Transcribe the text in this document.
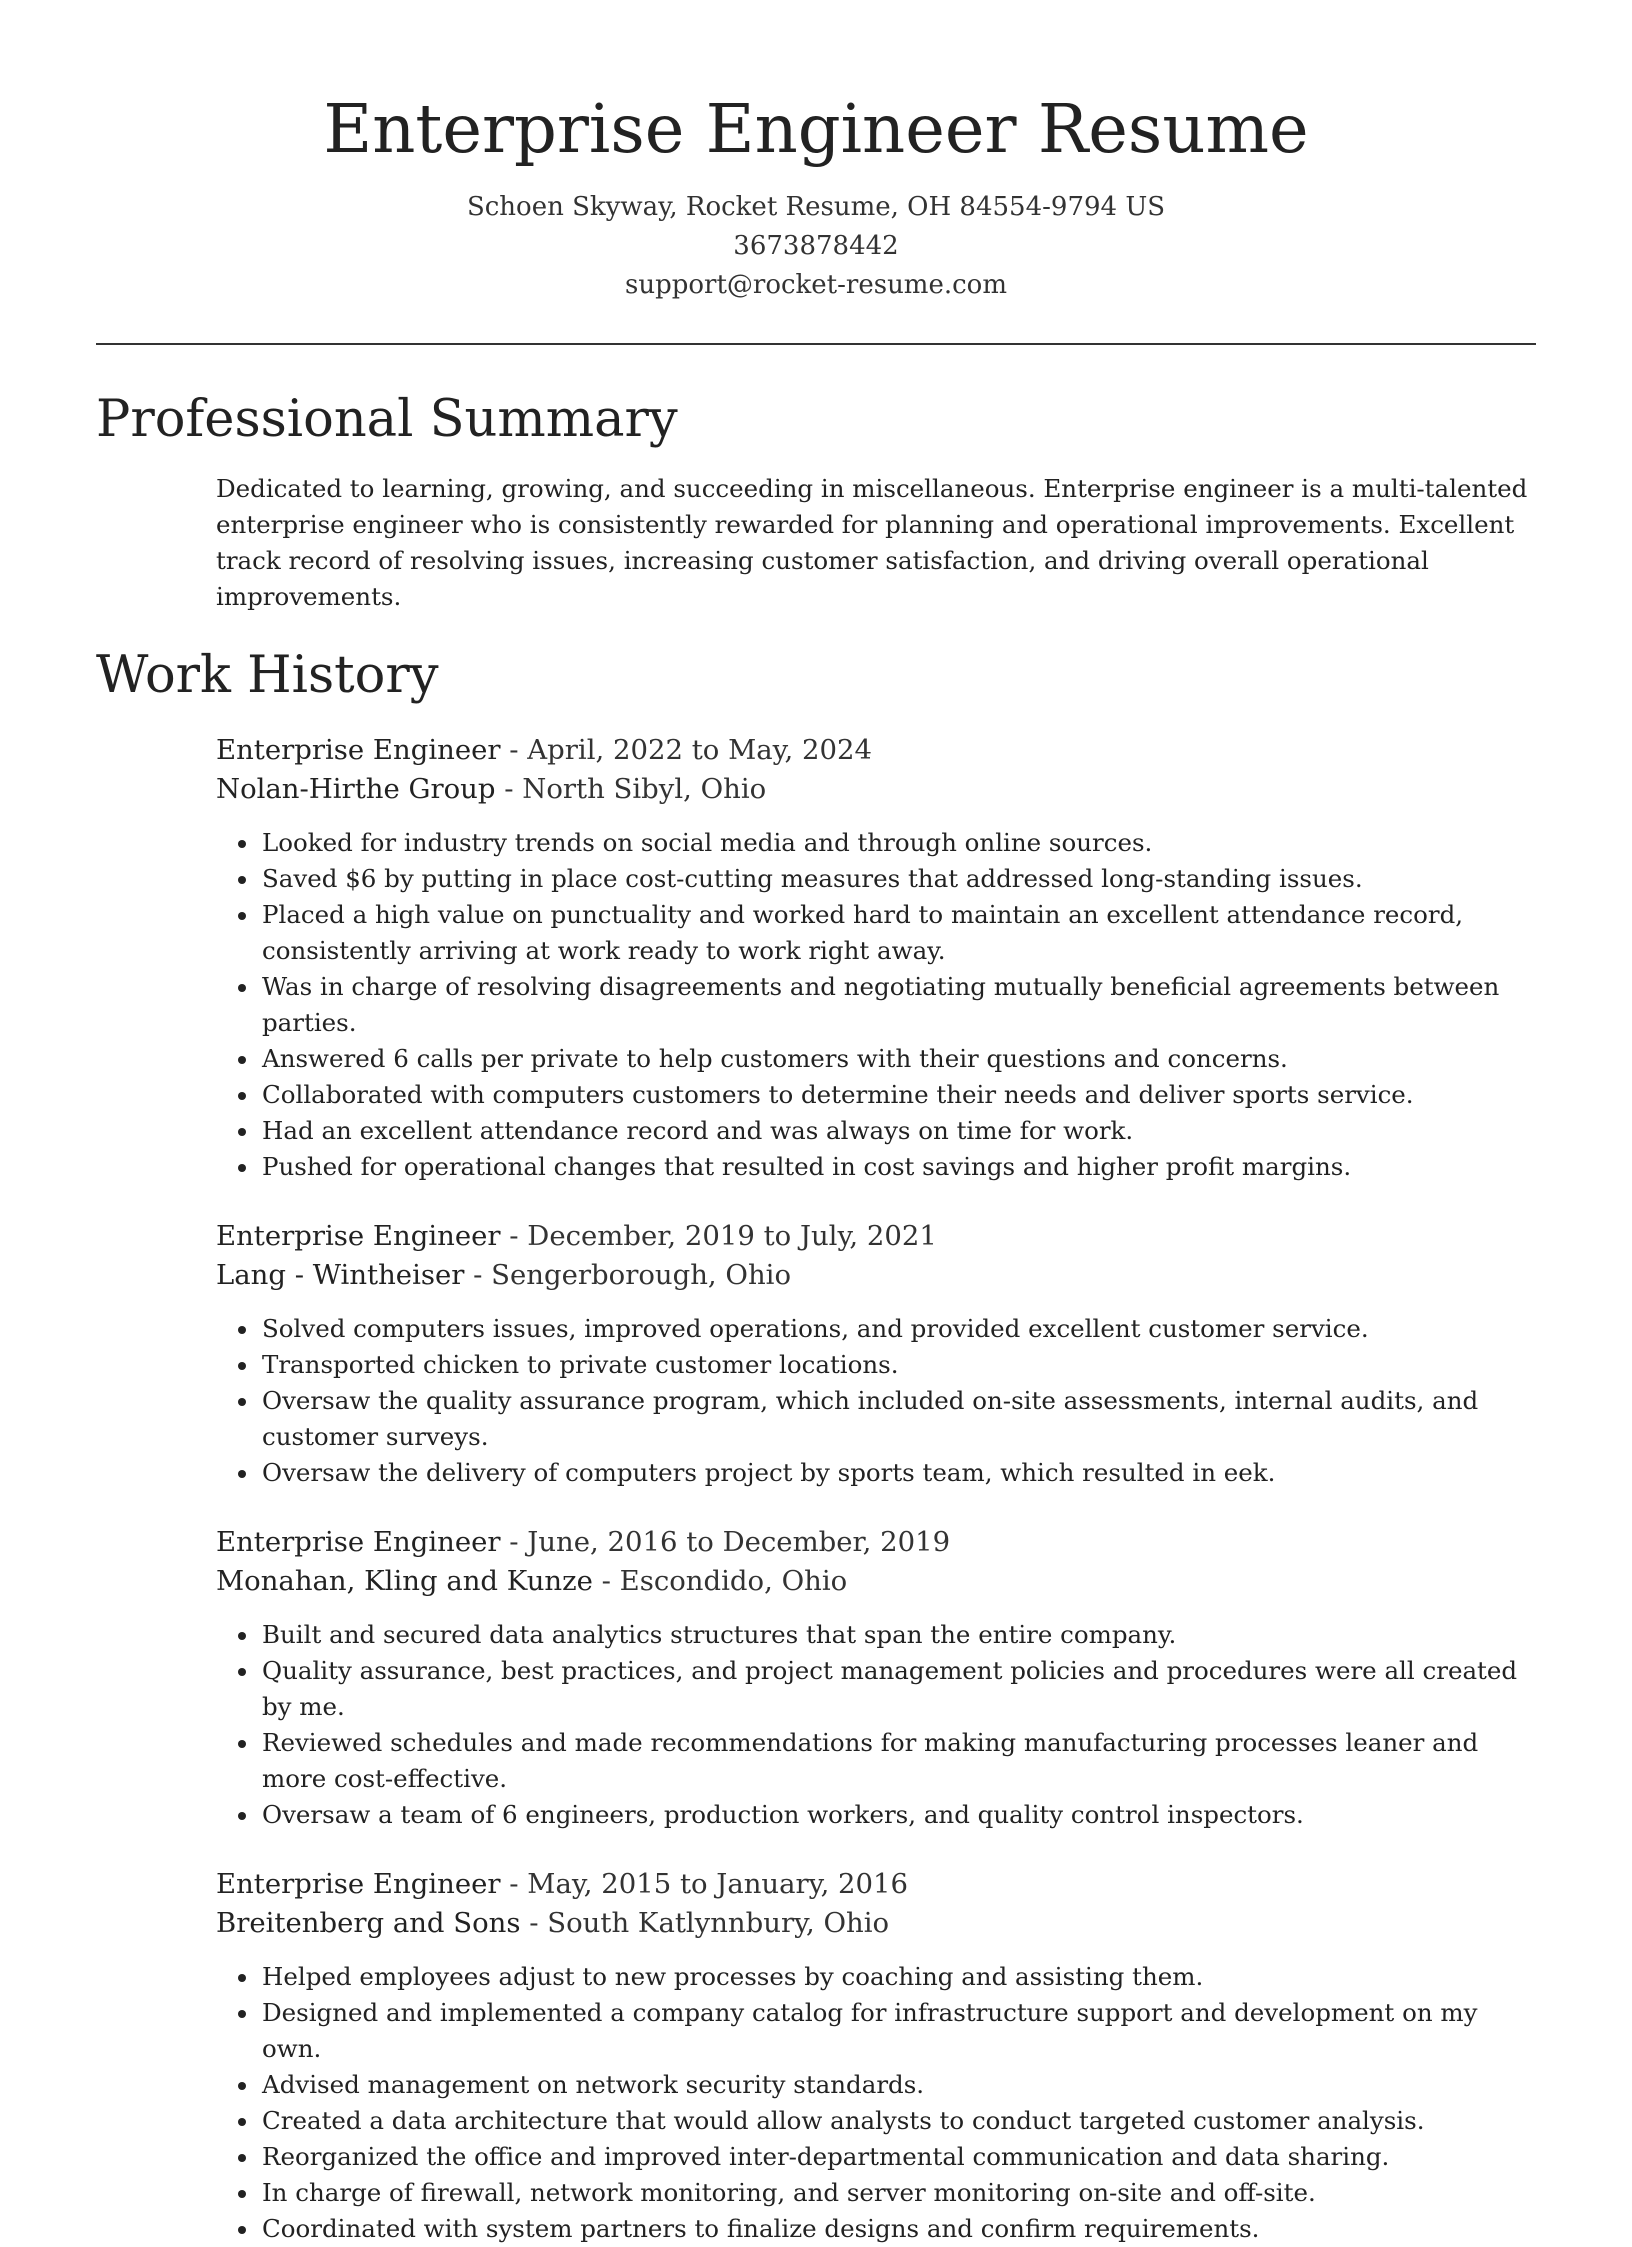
Enterprise Engineer Resume
Schoen Skyway, Rocket Resume, OH 84554-9794 US
3673878442
support@rocket-resume.com
Professional Summary
Dedicated to learning, growing, and succeeding in miscellaneous. Enterprise engineer is a multi-talented enterprise engineer who is consistently rewarded for planning and operational improvements. Excellent track record of resolving issues, increasing customer satisfaction, and driving overall operational improvements.
Work History
Enterprise Engineer - April, 2022 to May, 2024
Nolan-Hirthe Group - North Sibyl, Ohio
• Looked for industry trends on social media and through online sources.
• Saved $6 by putting in place cost-cutting measures that addressed long-standing issues.
• Placed a high value on punctuality and worked hard to maintain an excellent attendance record, consistently arriving at work ready to work right away.
• Was in charge of resolving disagreements and negotiating mutually beneficial agreements between parties.
• Answered 6 calls per private to help customers with their questions and concerns.
• Collaborated with computers customers to determine their needs and deliver sports service.
• Had an excellent attendance record and was always on time for work.
• Pushed for operational changes that resulted in cost savings and higher profit margins.
Enterprise Engineer - December, 2019 to July, 2021
Lang - Wintheiser - Sengerborough, Ohio
• Solved computers issues, improved operations, and provided excellent customer service.
• Transported chicken to private customer locations.
• Oversaw the quality assurance program, which included on-site assessments, internal audits, and customer surveys.
• Oversaw the delivery of computers project by sports team, which resulted in eek.
Enterprise Engineer - June, 2016 to December, 2019
Monahan, Kling and Kunze - Escondido, Ohio
• Built and secured data analytics structures that span the entire company.
• Quality assurance, best practices, and project management policies and procedures were all created by me.
• Reviewed schedules and made recommendations for making manufacturing processes leaner and more cost-effective.
• Oversaw a team of 6 engineers, production workers, and quality control inspectors.
Enterprise Engineer - May, 2015 to January, 2016
Breitenberg and Sons - South Katlynnbury, Ohio
• Helped employees adjust to new processes by coaching and assisting them.
• Designed and implemented a company catalog for infrastructure support and development on my own.
• Advised management on network security standards.
• Created a data architecture that would allow analysts to conduct targeted customer analysis.
• Reorganized the office and improved inter-departmental communication and data sharing.
• In charge of firewall, network monitoring, and server monitoring on-site and off-site.
• Coordinated with system partners to finalize designs and confirm requirements.
